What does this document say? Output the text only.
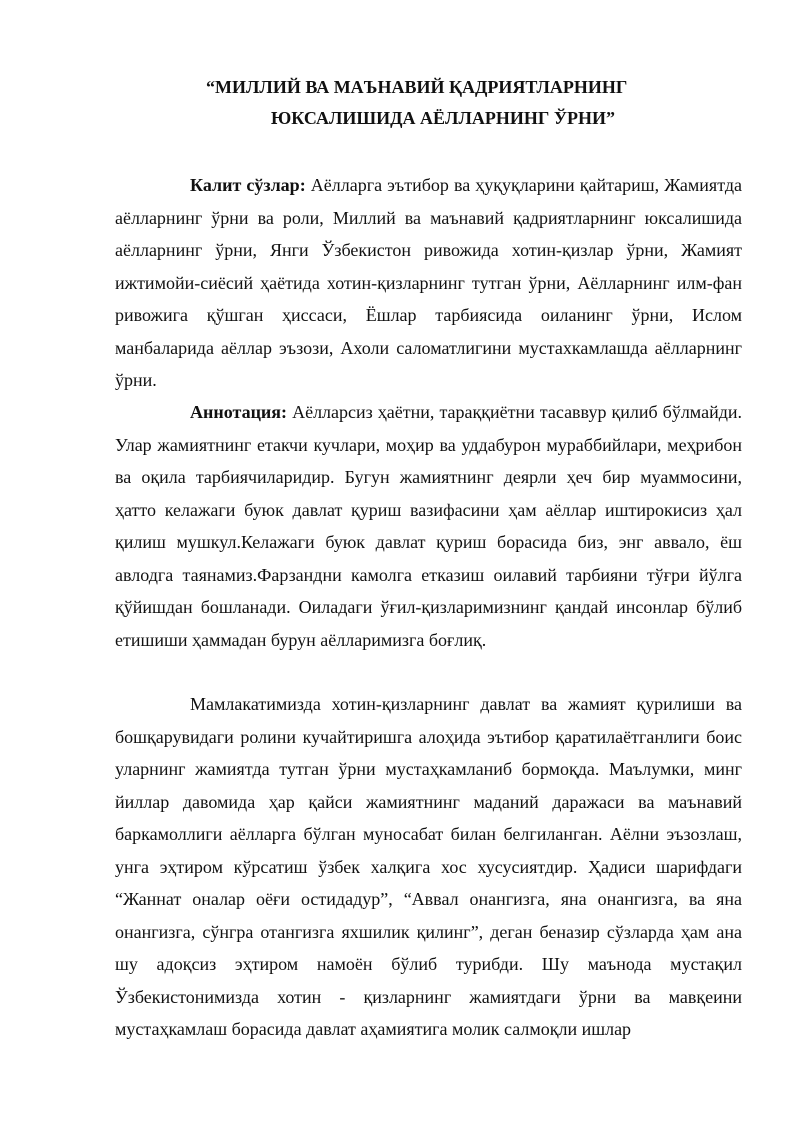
“МИЛЛИЙ ВА МАЪНАВИЙ ҚАДРИЯТЛАРНИНГ
ЮКСАЛИШИДА АЁЛЛАРНИНГ ЎРНИ”
Калит сўзлар: Аёлларга эътибор ва ҳуқуқларини қайтариш, Жамиятда аёлларнинг ўрни ва роли, Миллий ва маънавий қадриятларнинг юксалишида аёлларнинг ўрни, Янги Ўзбекистон ривожида хотин-қизлар ўрни, Жамият ижтимойи-сиёсий ҳаётида хотин-қизларнинг тутган ўрни, Аёлларнинг илм-фан ривожига қўшган ҳиссаси, Ёшлар тарбиясида оиланинг ўрни, Ислом манбаларида аёллар эъзози, Ахоли саломатлигини мустахкамлашда аёлларнинг ўрни.
Аннотация: Аёлларсиз ҳаётни, тараққиётни тасаввур қилиб бўлмайди. Улар жамиятнинг етакчи кучлари, моҳир ва уддабурон мураббийлари, меҳрибон ва оқила тарбиячиларидир. Бугун жамиятнинг деярли ҳеч бир муаммосини, ҳатто келажаги буюк давлат қуриш вазифасини ҳам аёллар иштирокисиз ҳал қилиш мушкул.Келажаги буюк давлат қуриш борасида биз, энг аввало, ёш авлодга таянамиз.Фарзандни камолга етказиш оилавий тарбияни тўғри йўлга қўйишдан бошланади. Оиладаги ўғил-қизларимизнинг қандай инсонлар бўлиб етишиши ҳаммадан бурун аёлларимизга боғлиқ.
Мамлакатимизда хотин-қизларнинг давлат ва жамият қурилиши ва бошқарувидаги ролини кучайтиришга алоҳида эътибор қаратилаётганлиги боис уларнинг жамиятда тутган ўрни мустаҳкамланиб бормоқда. Маълумки, минг йиллар давомида ҳар қайси жамиятнинг маданий даражаси ва маънавий баркамоллиги аёлларга бўлган муносабат билан белгиланган. Аёлни эъзозлаш, унга эҳтиром кўрсатиш ўзбек халқига хос хусусиятдир. Ҳадиси шарифдаги “Жаннат оналар оёғи остидадур”, “Аввал онангизга, яна онангизга, ва яна онангизга, сўнгра отангизга яхшилик қилинг”, деган беназир сўзларда ҳам ана шу адоқсиз эҳтиром намоён бўлиб турибди. Шу маънода мустақил Ўзбекистонимизда хотин - қизларнинг жамиятдаги ўрни ва мавқеини мустаҳкамлаш борасида давлат аҳамиятига молик салмоқли ишлар
